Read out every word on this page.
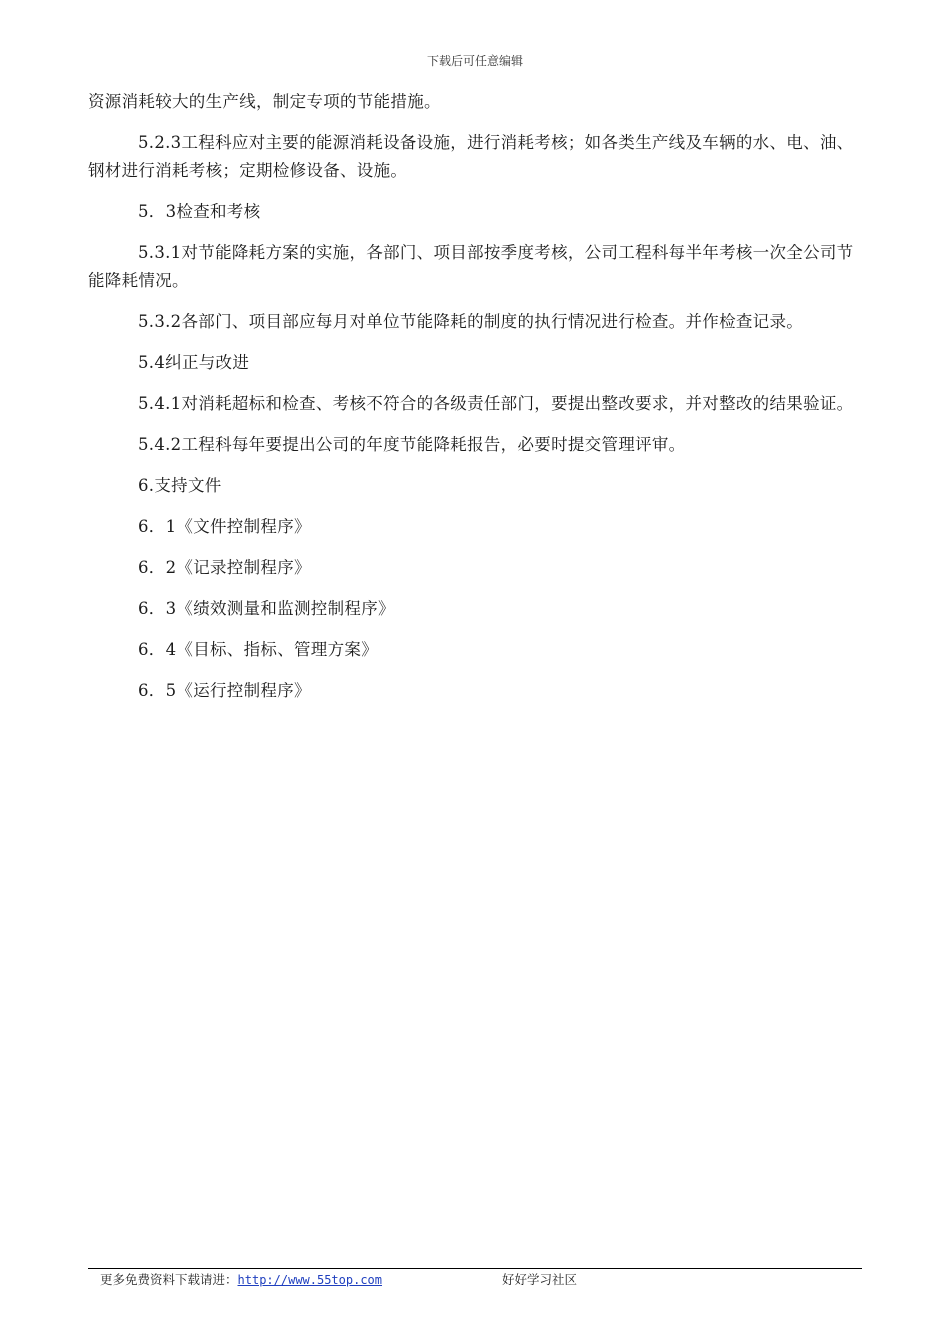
下载后可任意编辑

资源消耗较大的生产线，制定专项的节能措施。

5.2.3工程科应对主要的能源消耗设备设施，进行消耗考核；如各类生产线及车辆的水、电、油、钢材进行消耗考核；定期检修设备、设施。

5．3检查和考核

5.3.1对节能降耗方案的实施，各部门、项目部按季度考核，公司工程科每半年考核一次全公司节能降耗情况。

5.3.2各部门、项目部应每月对单位节能降耗的制度的执行情况进行检查。并作检查记录。

5.4纠正与改进

5.4.1对消耗超标和检查、考核不符合的各级责任部门，要提出整改要求，并对整改的结果验证。

5.4.2工程科每年要提出公司的年度节能降耗报告，必要时提交管理评审。

6.支持文件

6．1《文件控制程序》

6．2《记录控制程序》

6．3《绩效测量和监测控制程序》

6．4《目标、指标、管理方案》

6．5《运行控制程序》

更多免费资料下载请进：http://www.55top.com	好好学习社区
